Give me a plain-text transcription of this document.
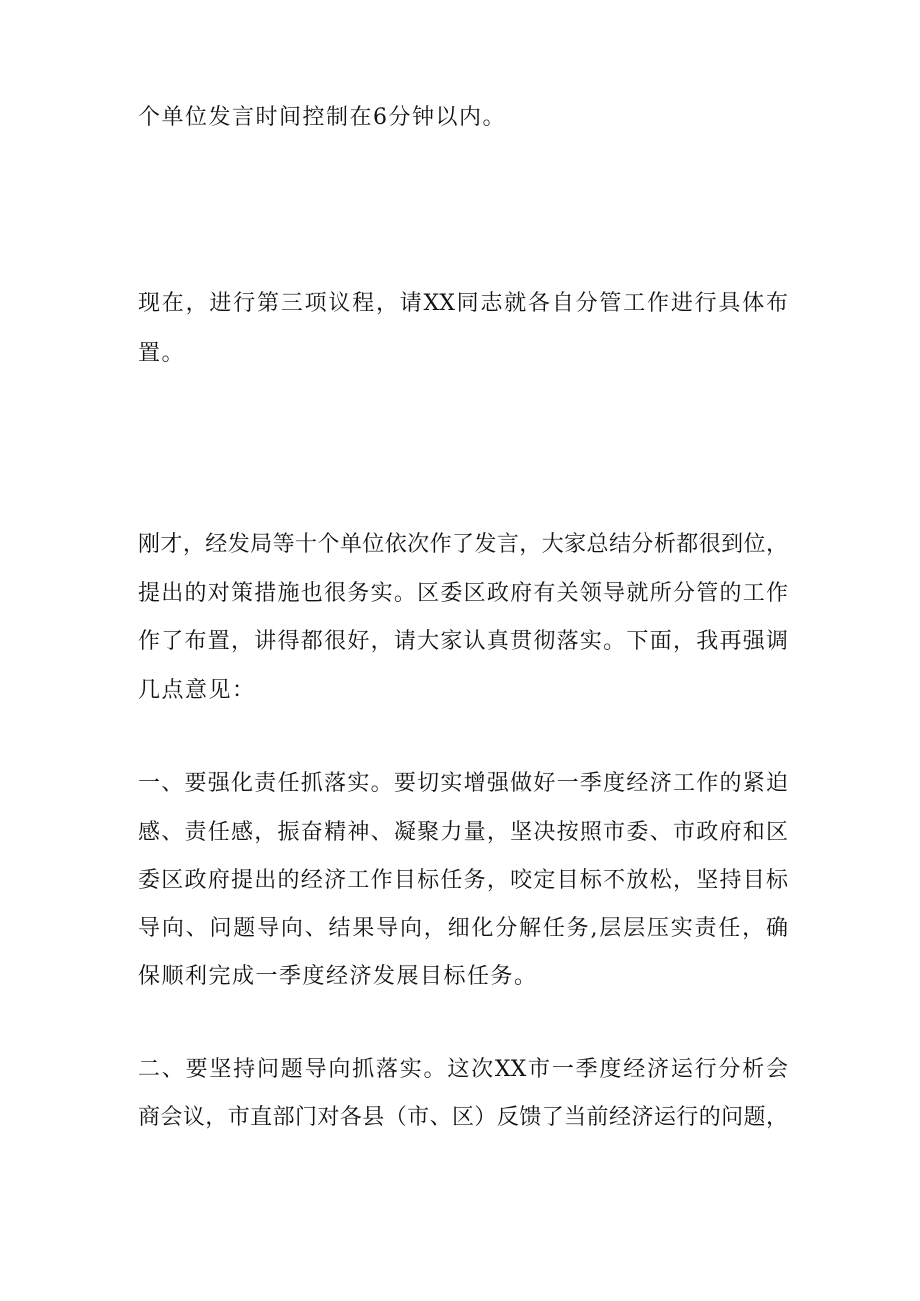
个单位发言时间控制在6分钟以内。
现在，进行第三项议程，请XX同志就各自分管工作进行具体布
置。
刚才，经发局等十个单位依次作了发言，大家总结分析都很到位，
提出的对策措施也很务实。区委区政府有关领导就所分管的工作
作了布置，讲得都很好，请大家认真贯彻落实。下面，我再强调
几点意见：
一、要强化责任抓落实。要切实增强做好一季度经济工作的紧迫
感、责任感，振奋精神、凝聚力量，坚决按照市委、市政府和区
委区政府提出的经济工作目标任务，咬定目标不放松，坚持目标
导向、问题导向、结果导向，细化分解任务,层层压实责任，确
保顺利完成一季度经济发展目标任务。
二、要坚持问题导向抓落实。这次XX市一季度经济运行分析会
商会议，市直部门对各县（市、区）反馈了当前经济运行的问题，
